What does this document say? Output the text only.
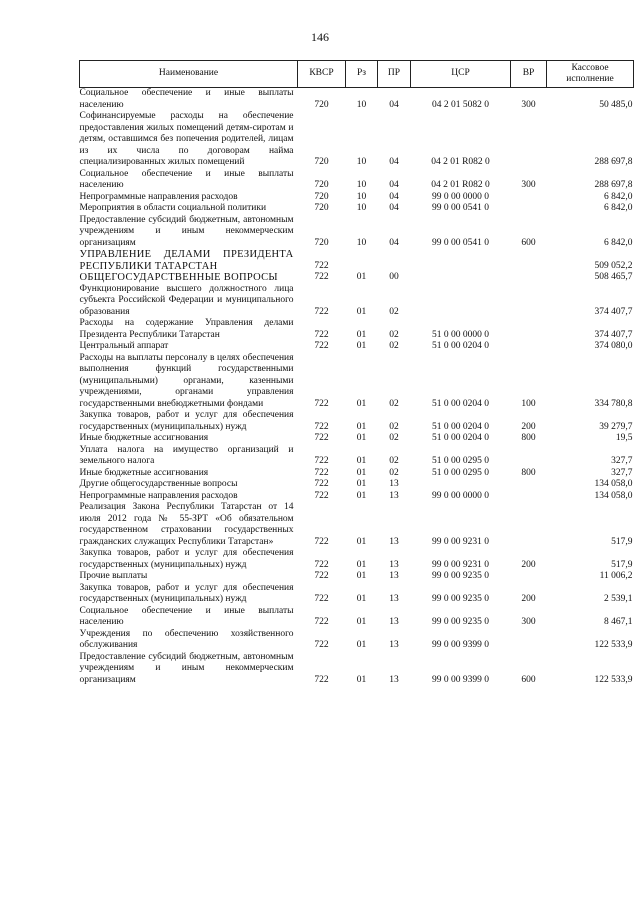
146
Наименование	КВСР	Рз	ПР	ЦСР	ВР	Кассовое исполнение
Социальное обеспечение и иные выплаты населению	720	10	04	04 2 01 5082 0	300	50 485,0
Софинансируемые расходы на обеспечение предоставления жилых помещений детям-сиротам и детям, оставшимся без попечения родителей, лицам из их числа по договорам найма специализированных жилых помещений	720	10	04	04 2 01 R082 0		288 697,8
Социальное обеспечение и иные выплаты населению	720	10	04	04 2 01 R082 0	300	288 697,8
Непрограммные направления расходов	720	10	04	99 0 00 0000 0		6 842,0
Мероприятия в области социальной политики	720	10	04	99 0 00 0541 0		6 842,0
Предоставление субсидий бюджетным, автономным учреждениям и иным некоммерческим организациям	720	10	04	99 0 00 0541 0	600	6 842,0
УПРАВЛЕНИЕ ДЕЛАМИ ПРЕЗИДЕНТА РЕСПУБЛИКИ ТАТАРСТАН	722					509 052,2
ОБЩЕГОСУДАРСТВЕННЫЕ ВОПРОСЫ	722	01	00			508 465,7
Функционирование высшего должностного лица субъекта Российской Федерации и муниципального образования	722	01	02			374 407,7
Расходы на содержание Управления делами Президента Республики Татарстан	722	01	02	51 0 00 0000 0		374 407,7
Центральный аппарат	722	01	02	51 0 00 0204 0		374 080,0
Расходы на выплаты персоналу в целях обеспечения выполнения функций государственными (муниципальными) органами, казенными учреждениями, органами управления государственными внебюджетными фондами	722	01	02	51 0 00 0204 0	100	334 780,8
Закупка товаров, работ и услуг для обеспечения государственных (муниципальных) нужд	722	01	02	51 0 00 0204 0	200	39 279,7
Иные бюджетные ассигнования	722	01	02	51 0 00 0204 0	800	19,5
Уплата налога на имущество организаций и земельного налога	722	01	02	51 0 00 0295 0		327,7
Иные бюджетные ассигнования	722	01	02	51 0 00 0295 0	800	327,7
Другие общегосударственные вопросы	722	01	13			134 058,0
Непрограммные направления расходов	722	01	13	99 0 00 0000 0		134 058,0
Реализация Закона Республики Татарстан от 14 июля 2012 года № 55-ЗРТ «Об обязательном государственном страховании государственных гражданских служащих Республики Татарстан»	722	01	13	99 0 00 9231 0		517,9
Закупка товаров, работ и услуг для обеспечения государственных (муниципальных) нужд	722	01	13	99 0 00 9231 0	200	517,9
Прочие выплаты	722	01	13	99 0 00 9235 0		11 006,2
Закупка товаров, работ и услуг для обеспечения государственных (муниципальных) нужд	722	01	13	99 0 00 9235 0	200	2 539,1
Социальное обеспечение и иные выплаты населению	722	01	13	99 0 00 9235 0	300	8 467,1
Учреждения по обеспечению хозяйственного обслуживания	722	01	13	99 0 00 9399 0		122 533,9
Предоставление субсидий бюджетным, автономным учреждениям и иным некоммерческим организациям	722	01	13	99 0 00 9399 0	600	122 533,9
